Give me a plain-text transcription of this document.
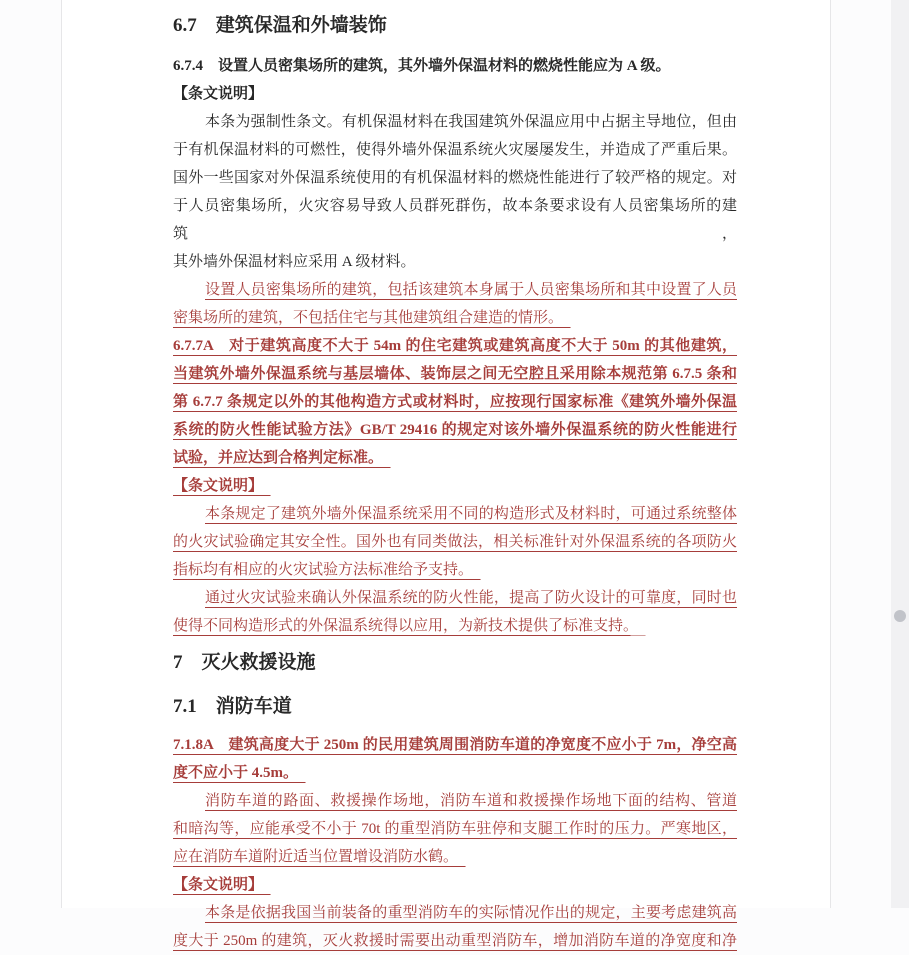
6.7　建筑保温和外墙装饰
6.7.4　设置人员密集场所的建筑，其外墙外保温材料的燃烧性能应为 A 级。
【条文说明】
本条为强制性条文。有机保温材料在我国建筑外保温应用中占据主导地位，但由
于有机保温材料的可燃性，使得外墙外保温系统火灾屡屡发生，并造成了严重后果。
国外一些国家对外保温系统使用的有机保温材料的燃烧性能进行了较严格的规定。对
于人员密集场所，火灾容易导致人员群死群伤，故本条要求设有人员密集场所的建筑，
其外墙外保温材料应采用 A 级材料。
设置人员密集场所的建筑，包括该建筑本身属于人员密集场所和其中设置了人员
密集场所的建筑，不包括住宅与其他建筑组合建造的情形。
6.7.7A　对于建筑高度不大于 54m 的住宅建筑或建筑高度不大于 50m 的其他建筑，
当建筑外墙外保温系统与基层墙体、装饰层之间无空腔且采用除本规范第 6.7.5 条和
第 6.7.7 条规定以外的其他构造方式或材料时，应按现行国家标准《建筑外墙外保温
系统的防火性能试验方法》GB/T 29416 的规定对该外墙外保温系统的防火性能进行
试验，并应达到合格判定标准。
【条文说明】
本条规定了建筑外墙外保温系统采用不同的构造形式及材料时，可通过系统整体
的火灾试验确定其安全性。国外也有同类做法，相关标准针对外保温系统的各项防火
指标均有相应的火灾试验方法标准给予支持。
通过火灾试验来确认外保温系统的防火性能，提高了防火设计的可靠度，同时也
使得不同构造形式的外保温系统得以应用，为新技术提供了标准支持。
7　灭火救援设施
7.1　消防车道
7.1.8A　建筑高度大于 250m 的民用建筑周围消防车道的净宽度不应小于 7m，净空高
度不应小于 4.5m。
消防车道的路面、救援操作场地，消防车道和救援操作场地下面的结构、管道
和暗沟等，应能承受不小于 70t 的重型消防车驻停和支腿工作时的压力。严寒地区，
应在消防车道附近适当位置增设消防水鹤。
【条文说明】
本条是依据我国当前装备的重型消防车的实际情况作出的规定，主要考虑建筑高
度大于 250m 的建筑，灭火救援时需要出动重型消防车，增加消防车道的净宽度和净
